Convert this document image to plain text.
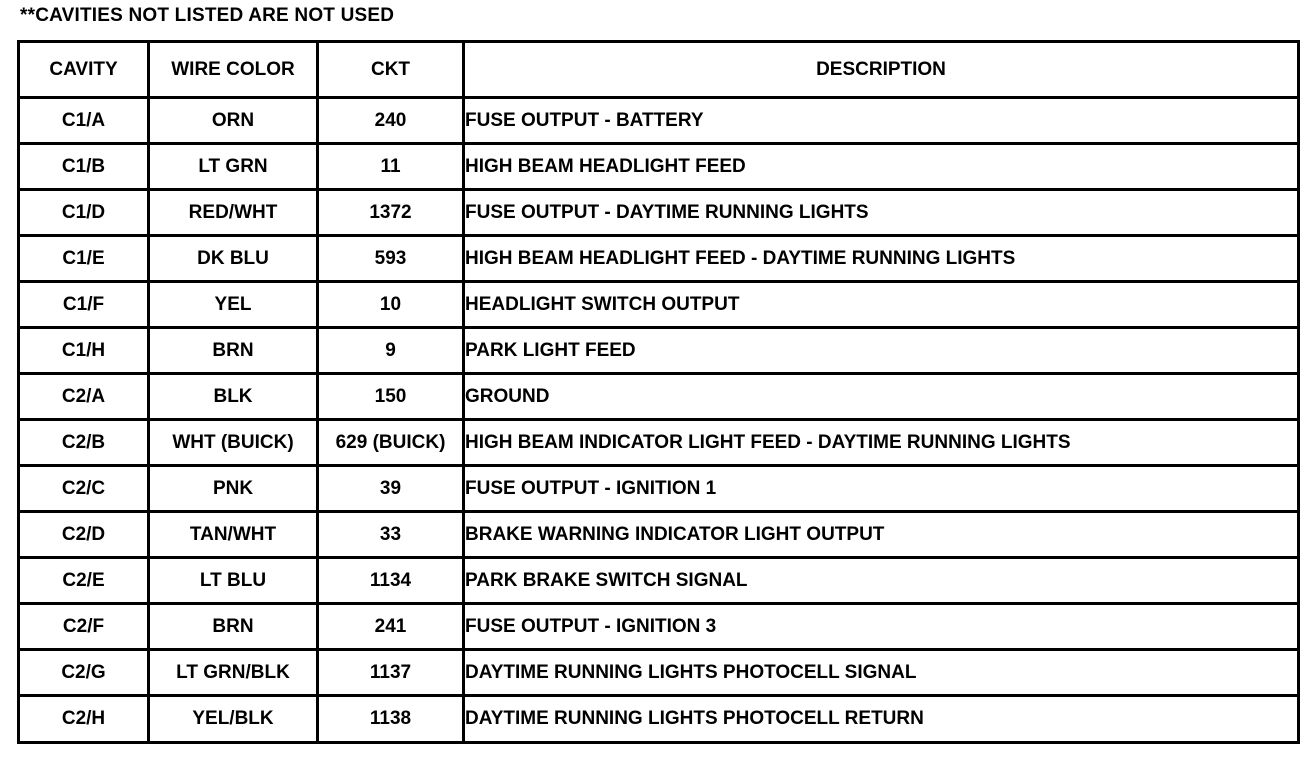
**CAVITIES NOT LISTED ARE NOT USED
CAVITY	WIRE COLOR	CKT	DESCRIPTION
C1/A	ORN	240	FUSE OUTPUT - BATTERY
C1/B	LT GRN	11	HIGH BEAM HEADLIGHT FEED
C1/D	RED/WHT	1372	FUSE OUTPUT - DAYTIME RUNNING LIGHTS
C1/E	DK BLU	593	HIGH BEAM HEADLIGHT FEED - DAYTIME RUNNING LIGHTS
C1/F	YEL	10	HEADLIGHT SWITCH OUTPUT
C1/H	BRN	9	PARK LIGHT FEED
C2/A	BLK	150	GROUND
C2/B	WHT (BUICK)	629 (BUICK)	HIGH BEAM INDICATOR LIGHT FEED - DAYTIME RUNNING LIGHTS
C2/C	PNK	39	FUSE OUTPUT - IGNITION 1
C2/D	TAN/WHT	33	BRAKE WARNING INDICATOR LIGHT OUTPUT
C2/E	LT BLU	1134	PARK BRAKE SWITCH SIGNAL
C2/F	BRN	241	FUSE OUTPUT - IGNITION 3
C2/G	LT GRN/BLK	1137	DAYTIME RUNNING LIGHTS PHOTOCELL SIGNAL
C2/H	YEL/BLK	1138	DAYTIME RUNNING LIGHTS PHOTOCELL RETURN
